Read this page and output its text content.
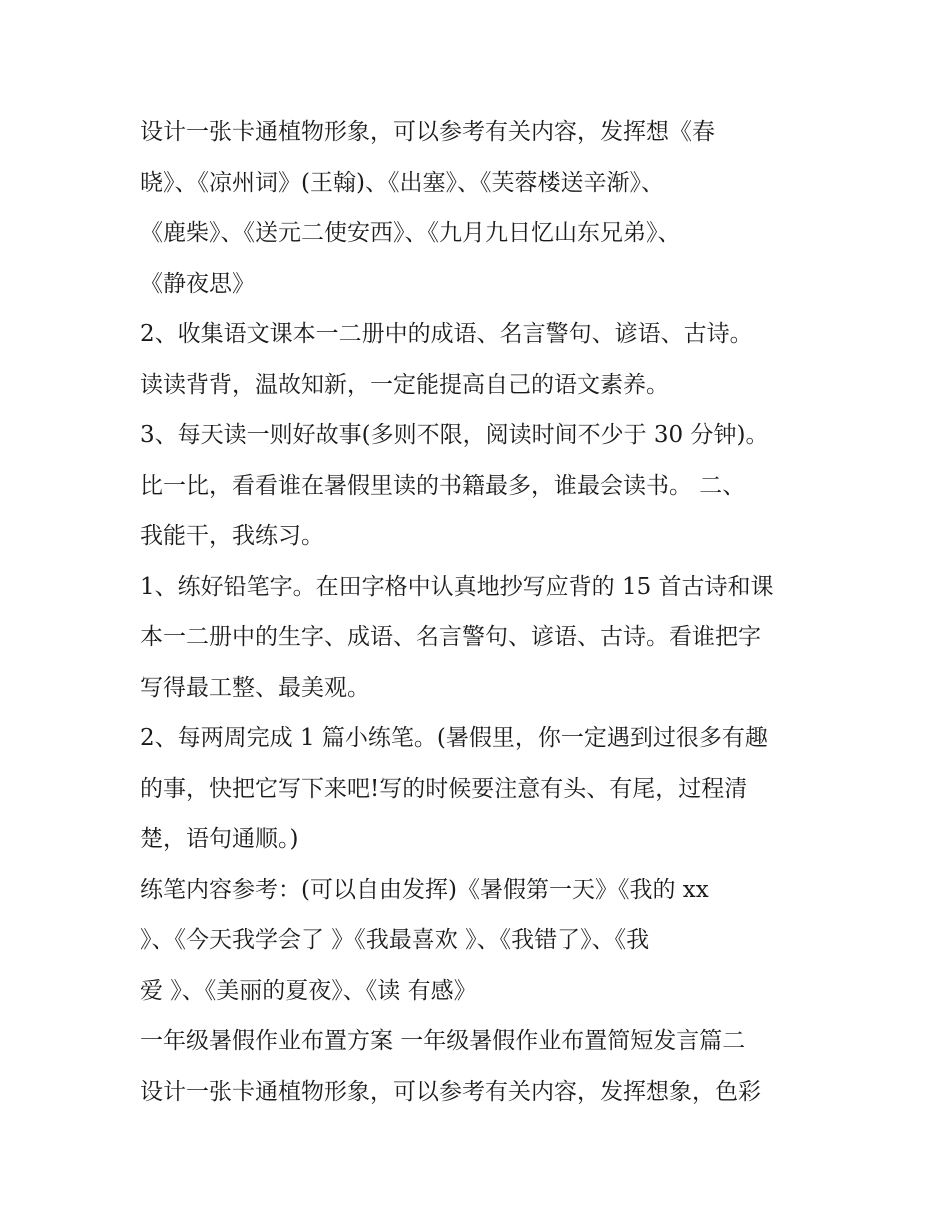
设计一张卡通植物形象，可以参考有关内容，发挥想《春
晓》、《凉州词》(王翰)、《出塞》、《芙蓉楼送辛渐》、
《鹿柴》、《送元二使安西》、《九月九日忆山东兄弟》、
《静夜思》
2、收集语文课本一二册中的成语、名言警句、谚语、古诗。
读读背背，温故知新，一定能提高自己的语文素养。
3、每天读一则好故事(多则不限，阅读时间不少于 30 分钟)。
比一比，看看谁在暑假里读的书籍最多，谁最会读书。 二、
我能干，我练习。
1、练好铅笔字。在田字格中认真地抄写应背的 15 首古诗和课
本一二册中的生字、成语、名言警句、谚语、古诗。看谁把字
写得最工整、最美观。
2、每两周完成 1 篇小练笔。(暑假里，你一定遇到过很多有趣
的事，快把它写下来吧!写的时候要注意有头、有尾，过程清
楚，语句通顺。)
练笔内容参考：(可以自由发挥)《暑假第一天》《我的 xx
》、《今天我学会了 》《我最喜欢 》、《我错了》、《我
爱 》、《美丽的夏夜》、《读 有感》
一年级暑假作业布置方案 一年级暑假作业布置简短发言篇二
设计一张卡通植物形象，可以参考有关内容，发挥想象，色彩
